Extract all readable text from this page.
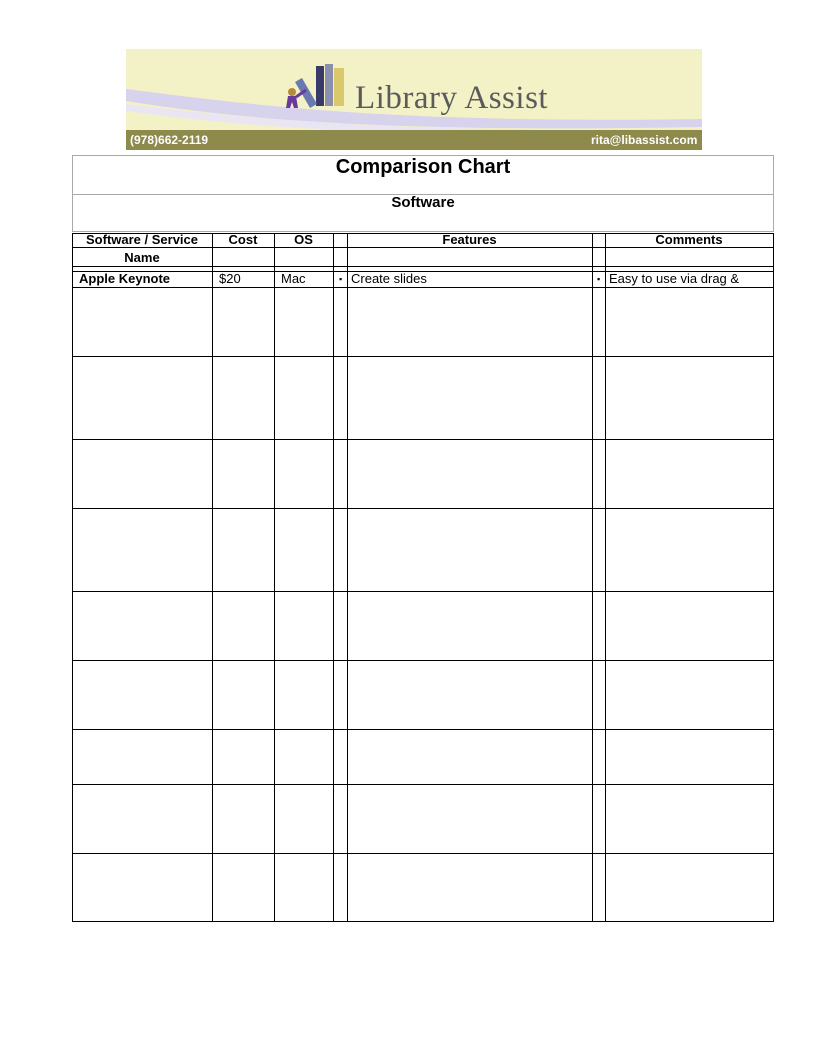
Library Assist
(978)662-2119	rita@libassist.com
Comparison Chart
Software
Software / Service
Name
Cost	OS	Features	Comments
Apple Keynote	$20	Mac	▪ Create slides	▪ Easy to use via drag &
